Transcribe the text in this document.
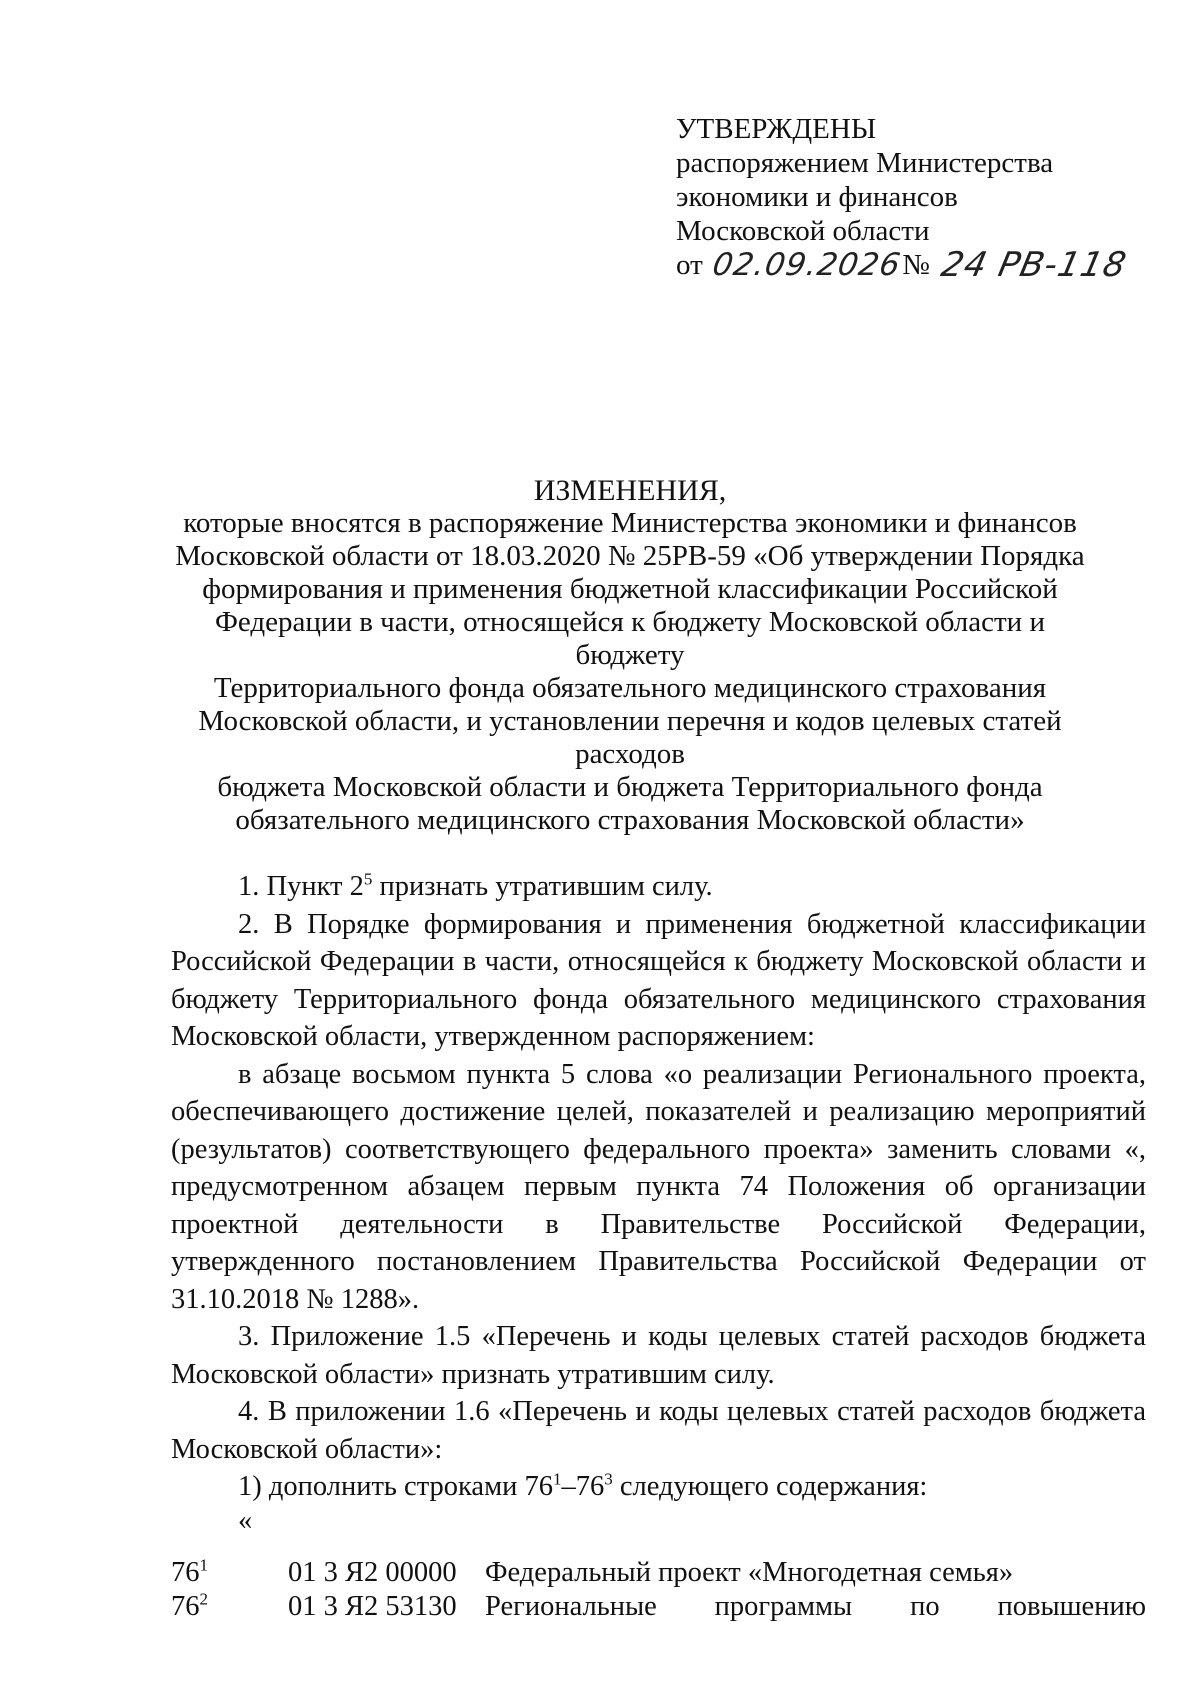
УТВЕРЖДЕНЫ
распоряжением Министерства
экономики и финансов
Московской области
от 02.09.2026
№ 24 РВ-118
ИЗМЕНЕНИЯ,
которые вносятся в распоряжение Министерства экономики и финансов
Московской области от 18.03.2020 № 25РВ-59 «Об утверждении Порядка
формирования и применения бюджетной классификации Российской
Федерации в части, относящейся к бюджету Московской области и бюджету
Территориального фонда обязательного медицинского страхования
Московской области, и установлении перечня и кодов целевых статей расходов
бюджета Московской области и бюджета Территориального фонда
обязательного медицинского страхования Московской области»

1. Пункт $2^5$ признать утратившим силу.

2. В Порядке формирования и применения бюджетной классификации Российской Федерации в части, относящейся к бюджету Московской области и бюджету Территориального фонда обязательного медицинского страхования Московской области, утвержденном распоряжением:

в абзаце восьмом пункта 5 слова «о реализации Регионального проекта, обеспечивающего достижение целей, показателей и реализацию мероприятий (результатов) соответствующего федерального проекта» заменить словами «, предусмотренном абзацем первым пункта 74 Положения об организации проектной деятельности в Правительстве Российской Федерации, утвержденного постановлением Правительства Российской Федерации от 31.10.2018 № 1288».

3. Приложение 1.5 «Перечень и коды целевых статей расходов бюджета Московской области» признать утратившим силу.

4. В приложении 1.6 «Перечень и коды целевых статей расходов бюджета Московской области»:

1) дополнить строками $76^1-76^3$ следующего содержания:

«

$76^1$	01 3 Я2 00000 Федеральный проект «Многодетная семья»
$76^2$	01 3 Я2 53130 Региональные программы по повышению
